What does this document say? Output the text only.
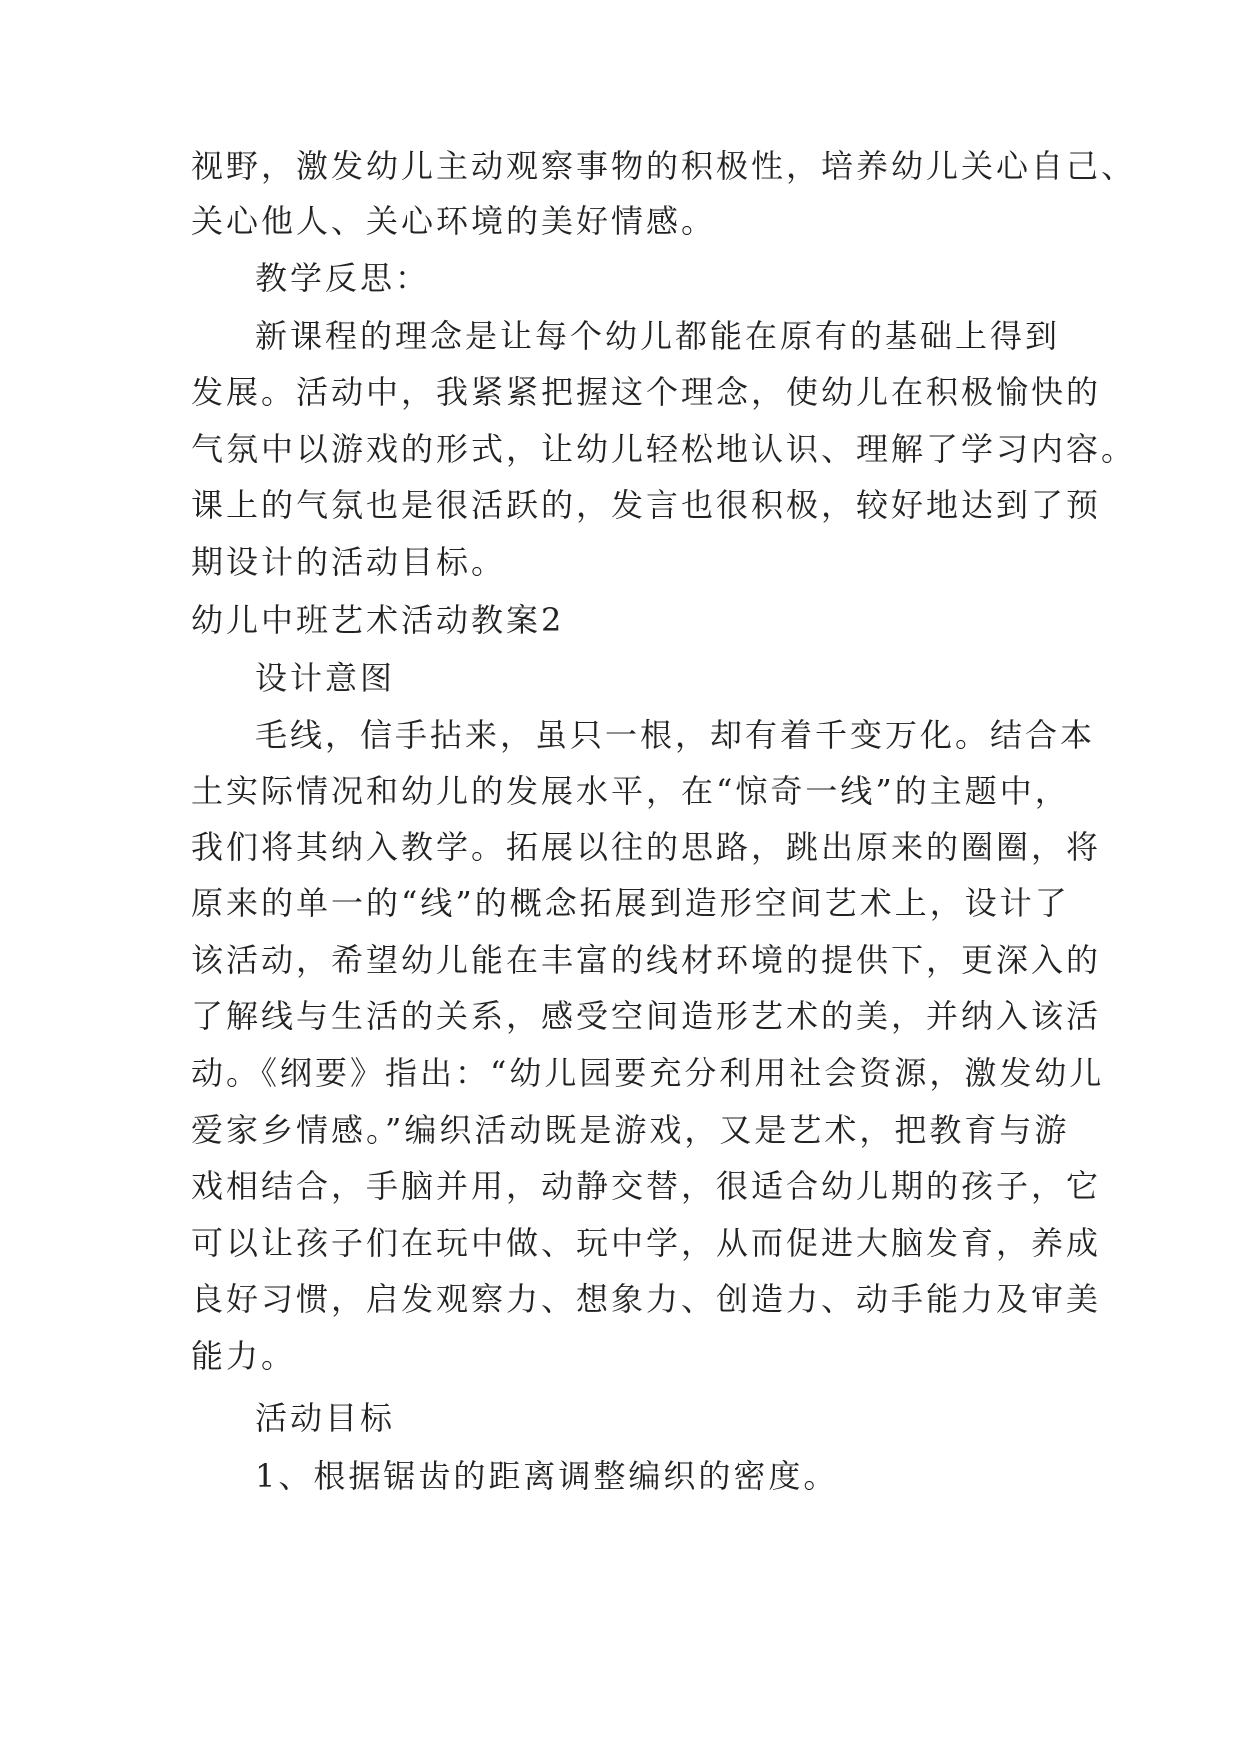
视野，激发幼儿主动观察事物的积极性，培养幼儿关心自己、
关心他人、关心环境的美好情感。
教学反思：
新课程的理念是让每个幼儿都能在原有的基础上得到
发展。活动中，我紧紧把握这个理念，使幼儿在积极愉快的
气氛中以游戏的形式，让幼儿轻松地认识、理解了学习内容。
课上的气氛也是很活跃的，发言也很积极，较好地达到了预
期设计的活动目标。
幼儿中班艺术活动教案2
设计意图
毛线，信手拈来，虽只一根，却有着千变万化。结合本
土实际情况和幼儿的发展水平，在“惊奇一线”的主题中，
我们将其纳入教学。拓展以往的思路，跳出原来的圈圈，将
原来的单一的“线”的概念拓展到造形空间艺术上，设计了
该活动，希望幼儿能在丰富的线材环境的提供下，更深入的
了解线与生活的关系，感受空间造形艺术的美，并纳入该活
动。《纲要》指出：“幼儿园要充分利用社会资源，激发幼儿
爱家乡情感。”编织活动既是游戏，又是艺术，把教育与游
戏相结合，手脑并用，动静交替，很适合幼儿期的孩子，它
可以让孩子们在玩中做、玩中学，从而促进大脑发育，养成
良好习惯，启发观察力、想象力、创造力、动手能力及审美
能力。
活动目标
1、根据锯齿的距离调整编织的密度。
